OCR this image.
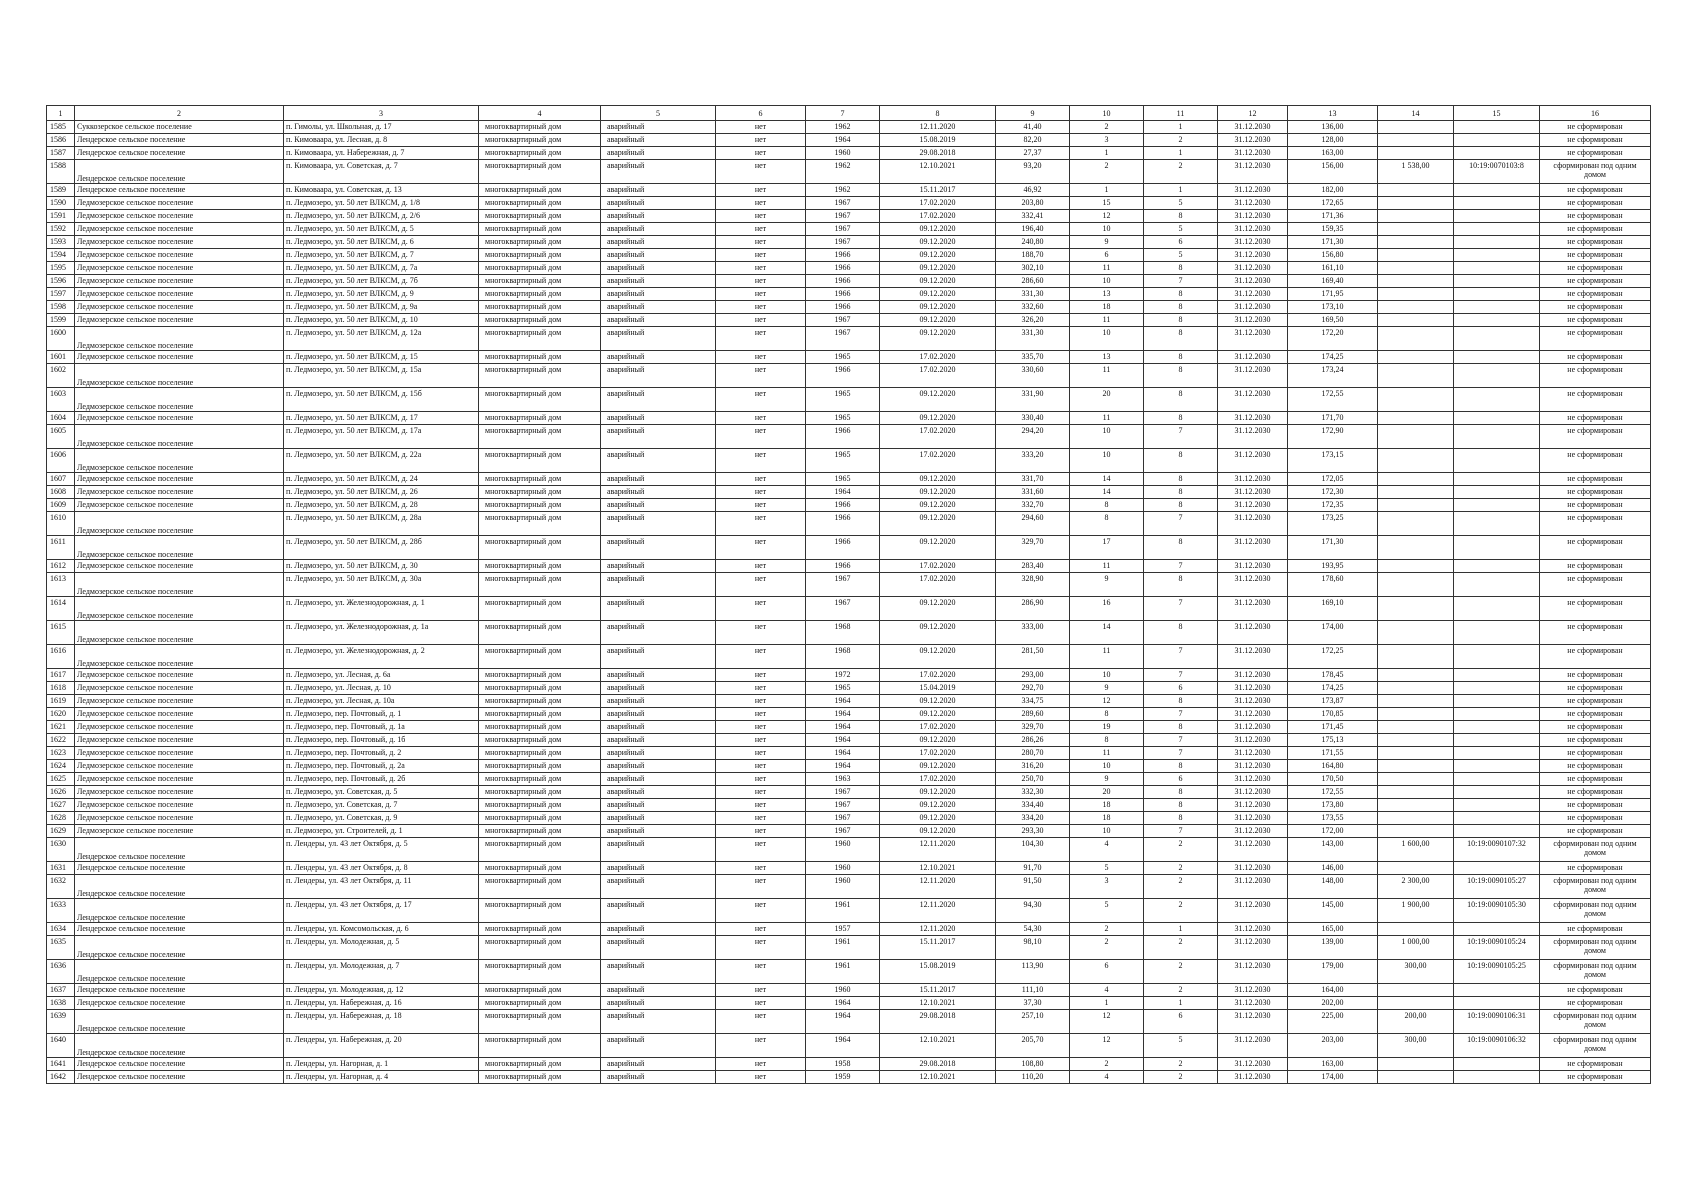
1	2	3	4	5	6	7	8	9	10	11	12	13	14	15	16
1585	Суккозерское сельское поселение	п. Гимолы, ул. Школьная, д. 17	многоквартирный дом	аварийный	нет	1962	12.11.2020	41,40	2	1	31.12.2030	136,00			не сформирован
1586	Лендерское сельское поселение	п. Кимоваара, ул. Лесная, д. 8	многоквартирный дом	аварийный	нет	1964	15.08.2019	82,20	3	2	31.12.2030	128,00			не сформирован
1587	Лендерское сельское поселение	п. Кимоваара, ул. Набережная, д. 7	многоквартирный дом	аварийный	нет	1960	29.08.2018	27,37	1	1	31.12.2030	163,00			не сформирован
1588	Лендерское сельское поселение	п. Кимоваара, ул. Советская, д. 7	многоквартирный дом	аварийный	нет	1962	12.10.2021	93,20	2	2	31.12.2030	156,00	1 538,00	10:19:0070103:8	сформирован под одним домом
1589	Лендерское сельское поселение	п. Кимоваара, ул. Советская, д. 13	многоквартирный дом	аварийный	нет	1962	15.11.2017	46,92	1	1	31.12.2030	182,00			не сформирован
1590	Ледмозерское сельское поселение	п. Ледмозеро, ул. 50 лет ВЛКСМ, д. 1/8	многоквартирный дом	аварийный	нет	1967	17.02.2020	203,80	15	5	31.12.2030	172,65			не сформирован
1591	Ледмозерское сельское поселение	п. Ледмозеро, ул. 50 лет ВЛКСМ, д. 2/6	многоквартирный дом	аварийный	нет	1967	17.02.2020	332,41	12	8	31.12.2030	171,36			не сформирован
1592	Ледмозерское сельское поселение	п. Ледмозеро, ул. 50 лет ВЛКСМ, д. 5	многоквартирный дом	аварийный	нет	1967	09.12.2020	196,40	10	5	31.12.2030	159,35			не сформирован
1593	Ледмозерское сельское поселение	п. Ледмозеро, ул. 50 лет ВЛКСМ, д. 6	многоквартирный дом	аварийный	нет	1967	09.12.2020	240,80	9	6	31.12.2030	171,30			не сформирован
1594	Ледмозерское сельское поселение	п. Ледмозеро, ул. 50 лет ВЛКСМ, д. 7	многоквартирный дом	аварийный	нет	1966	09.12.2020	188,70	6	5	31.12.2030	156,80			не сформирован
1595	Ледмозерское сельское поселение	п. Ледмозеро, ул. 50 лет ВЛКСМ, д. 7а	многоквартирный дом	аварийный	нет	1966	09.12.2020	302,10	11	8	31.12.2030	161,10			не сформирован
1596	Ледмозерское сельское поселение	п. Ледмозеро, ул. 50 лет ВЛКСМ, д. 7б	многоквартирный дом	аварийный	нет	1966	09.12.2020	286,60	10	7	31.12.2030	169,40			не сформирован
1597	Ледмозерское сельское поселение	п. Ледмозеро, ул. 50 лет ВЛКСМ, д. 9	многоквартирный дом	аварийный	нет	1966	09.12.2020	331,30	13	8	31.12.2030	171,95			не сформирован
1598	Ледмозерское сельское поселение	п. Ледмозеро, ул. 50 лет ВЛКСМ, д. 9а	многоквартирный дом	аварийный	нет	1966	09.12.2020	332,60	18	8	31.12.2030	173,10			не сформирован
1599	Ледмозерское сельское поселение	п. Ледмозеро, ул. 50 лет ВЛКСМ, д. 10	многоквартирный дом	аварийный	нет	1967	09.12.2020	326,20	11	8	31.12.2030	169,50			не сформирован
1600	Ледмозерское сельское поселение	п. Ледмозеро, ул. 50 лет ВЛКСМ, д. 12а	многоквартирный дом	аварийный	нет	1967	09.12.2020	331,30	10	8	31.12.2030	172,20			не сформирован
1601	Ледмозерское сельское поселение	п. Ледмозеро, ул. 50 лет ВЛКСМ, д. 15	многоквартирный дом	аварийный	нет	1965	17.02.2020	335,70	13	8	31.12.2030	174,25			не сформирован
1602	Ледмозерское сельское поселение	п. Ледмозеро, ул. 50 лет ВЛКСМ, д. 15а	многоквартирный дом	аварийный	нет	1966	17.02.2020	330,60	11	8	31.12.2030	173,24			не сформирован
1603	Ледмозерское сельское поселение	п. Ледмозеро, ул. 50 лет ВЛКСМ, д. 15б	многоквартирный дом	аварийный	нет	1965	09.12.2020	331,90	20	8	31.12.2030	172,55			не сформирован
1604	Ледмозерское сельское поселение	п. Ледмозеро, ул. 50 лет ВЛКСМ, д. 17	многоквартирный дом	аварийный	нет	1965	09.12.2020	330,40	11	8	31.12.2030	171,70			не сформирован
1605	Ледмозерское сельское поселение	п. Ледмозеро, ул. 50 лет ВЛКСМ, д. 17а	многоквартирный дом	аварийный	нет	1966	17.02.2020	294,20	10	7	31.12.2030	172,90			не сформирован
1606	Ледмозерское сельское поселение	п. Ледмозеро, ул. 50 лет ВЛКСМ, д. 22а	многоквартирный дом	аварийный	нет	1965	17.02.2020	333,20	10	8	31.12.2030	173,15			не сформирован
1607	Ледмозерское сельское поселение	п. Ледмозеро, ул. 50 лет ВЛКСМ, д. 24	многоквартирный дом	аварийный	нет	1965	09.12.2020	331,70	14	8	31.12.2030	172,05			не сформирован
1608	Ледмозерское сельское поселение	п. Ледмозеро, ул. 50 лет ВЛКСМ, д. 26	многоквартирный дом	аварийный	нет	1964	09.12.2020	331,60	14	8	31.12.2030	172,30			не сформирован
1609	Ледмозерское сельское поселение	п. Ледмозеро, ул. 50 лет ВЛКСМ, д. 28	многоквартирный дом	аварийный	нет	1966	09.12.2020	332,70	8	8	31.12.2030	172,35			не сформирован
1610	Ледмозерское сельское поселение	п. Ледмозеро, ул. 50 лет ВЛКСМ, д. 28а	многоквартирный дом	аварийный	нет	1966	09.12.2020	294,60	8	7	31.12.2030	173,25			не сформирован
1611	Ледмозерское сельское поселение	п. Ледмозеро, ул. 50 лет ВЛКСМ, д. 28б	многоквартирный дом	аварийный	нет	1966	09.12.2020	329,70	17	8	31.12.2030	171,30			не сформирован
1612	Ледмозерское сельское поселение	п. Ледмозеро, ул. 50 лет ВЛКСМ, д. 30	многоквартирный дом	аварийный	нет	1966	17.02.2020	283,40	11	7	31.12.2030	193,95			не сформирован
1613	Ледмозерское сельское поселение	п. Ледмозеро, ул. 50 лет ВЛКСМ, д. 30а	многоквартирный дом	аварийный	нет	1967	17.02.2020	328,90	9	8	31.12.2030	178,60			не сформирован
1614	Ледмозерское сельское поселение	п. Ледмозеро, ул. Железнодорожная, д. 1	многоквартирный дом	аварийный	нет	1967	09.12.2020	286,90	16	7	31.12.2030	169,10			не сформирован
1615	Ледмозерское сельское поселение	п. Ледмозеро, ул. Железнодорожная, д. 1а	многоквартирный дом	аварийный	нет	1968	09.12.2020	333,00	14	8	31.12.2030	174,00			не сформирован
1616	Ледмозерское сельское поселение	п. Ледмозеро, ул. Железнодорожная, д. 2	многоквартирный дом	аварийный	нет	1968	09.12.2020	281,50	11	7	31.12.2030	172,25			не сформирован
1617	Ледмозерское сельское поселение	п. Ледмозеро, ул. Лесная, д. 6а	многоквартирный дом	аварийный	нет	1972	17.02.2020	293,00	10	7	31.12.2030	178,45			не сформирован
1618	Ледмозерское сельское поселение	п. Ледмозеро, ул. Лесная, д. 10	многоквартирный дом	аварийный	нет	1965	15.04.2019	292,70	9	6	31.12.2030	174,25			не сформирован
1619	Ледмозерское сельское поселение	п. Ледмозеро, ул. Лесная, д. 10а	многоквартирный дом	аварийный	нет	1964	09.12.2020	334,75	12	8	31.12.2030	173,87			не сформирован
1620	Ледмозерское сельское поселение	п. Ледмозеро, пер. Почтовый, д. 1	многоквартирный дом	аварийный	нет	1964	09.12.2020	289,60	8	7	31.12.2030	170,85			не сформирован
1621	Ледмозерское сельское поселение	п. Ледмозеро, пер. Почтовый, д. 1а	многоквартирный дом	аварийный	нет	1964	17.02.2020	329,70	19	8	31.12.2030	171,45			не сформирован
1622	Ледмозерское сельское поселение	п. Ледмозеро, пер. Почтовый, д. 1б	многоквартирный дом	аварийный	нет	1964	09.12.2020	286,26	8	7	31.12.2030	175,13			не сформирован
1623	Ледмозерское сельское поселение	п. Ледмозеро, пер. Почтовый, д. 2	многоквартирный дом	аварийный	нет	1964	17.02.2020	280,70	11	7	31.12.2030	171,55			не сформирован
1624	Ледмозерское сельское поселение	п. Ледмозеро, пер. Почтовый, д. 2а	многоквартирный дом	аварийный	нет	1964	09.12.2020	316,20	10	8	31.12.2030	164,80			не сформирован
1625	Ледмозерское сельское поселение	п. Ледмозеро, пер. Почтовый, д. 2б	многоквартирный дом	аварийный	нет	1963	17.02.2020	250,70	9	6	31.12.2030	170,50			не сформирован
1626	Ледмозерское сельское поселение	п. Ледмозеро, ул. Советская, д. 5	многоквартирный дом	аварийный	нет	1967	09.12.2020	332,30	20	8	31.12.2030	172,55			не сформирован
1627	Ледмозерское сельское поселение	п. Ледмозеро, ул. Советская, д. 7	многоквартирный дом	аварийный	нет	1967	09.12.2020	334,40	18	8	31.12.2030	173,80			не сформирован
1628	Ледмозерское сельское поселение	п. Ледмозеро, ул. Советская, д. 9	многоквартирный дом	аварийный	нет	1967	09.12.2020	334,20	18	8	31.12.2030	173,55			не сформирован
1629	Ледмозерское сельское поселение	п. Ледмозеро, ул. Строителей, д. 1	многоквартирный дом	аварийный	нет	1967	09.12.2020	293,30	10	7	31.12.2030	172,00			не сформирован
1630	Лендерское сельское поселение	п. Лендеры, ул. 43 лет Октября, д. 5	многоквартирный дом	аварийный	нет	1960	12.11.2020	104,30	4	2	31.12.2030	143,00	1 600,00	10:19:0090107:32	сформирован под одним домом
1631	Лендерское сельское поселение	п. Лендеры, ул. 43 лет Октября, д. 8	многоквартирный дом	аварийный	нет	1960	12.10.2021	91,70	5	2	31.12.2030	146,00			не сформирован
1632	Лендерское сельское поселение	п. Лендеры, ул. 43 лет Октября, д. 11	многоквартирный дом	аварийный	нет	1960	12.11.2020	91,50	3	2	31.12.2030	148,00	2 300,00	10:19:0090105:27	сформирован под одним домом
1633	Лендерское сельское поселение	п. Лендеры, ул. 43 лет Октября, д. 17	многоквартирный дом	аварийный	нет	1961	12.11.2020	94,30	5	2	31.12.2030	145,00	1 900,00	10:19:0090105:30	сформирован под одним домом
1634	Лендерское сельское поселение	п. Лендеры, ул. Комсомольская, д. 6	многоквартирный дом	аварийный	нет	1957	12.11.2020	54,30	2	1	31.12.2030	165,00			не сформирован
1635	Лендерское сельское поселение	п. Лендеры, ул. Молодежная, д. 5	многоквартирный дом	аварийный	нет	1961	15.11.2017	98,10	2	2	31.12.2030	139,00	1 000,00	10:19:0090105:24	сформирован под одним домом
1636	Лендерское сельское поселение	п. Лендеры, ул. Молодежная, д. 7	многоквартирный дом	аварийный	нет	1961	15.08.2019	113,90	6	2	31.12.2030	179,00	300,00	10:19:0090105:25	сформирован под одним домом
1637	Лендерское сельское поселение	п. Лендеры, ул. Молодежная, д. 12	многоквартирный дом	аварийный	нет	1960	15.11.2017	111,10	4	2	31.12.2030	164,00			не сформирован
1638	Лендерское сельское поселение	п. Лендеры, ул. Набережная, д. 16	многоквартирный дом	аварийный	нет	1964	12.10.2021	37,30	1	1	31.12.2030	202,00			не сформирован
1639	Лендерское сельское поселение	п. Лендеры, ул. Набережная, д. 18	многоквартирный дом	аварийный	нет	1964	29.08.2018	257,10	12	6	31.12.2030	225,00	200,00	10:19:0090106:31	сформирован под одним домом
1640	Лендерское сельское поселение	п. Лендеры, ул. Набережная, д. 20	многоквартирный дом	аварийный	нет	1964	12.10.2021	205,70	12	5	31.12.2030	203,00	300,00	10:19:0090106:32	сформирован под одним домом
1641	Лендерское сельское поселение	п. Лендеры, ул. Нагорная, д. 1	многоквартирный дом	аварийный	нет	1958	29.08.2018	108,80	2	2	31.12.2030	163,00			не сформирован
1642	Лендерское сельское поселение	п. Лендеры, ул. Нагорная, д. 4	многоквартирный дом	аварийный	нет	1959	12.10.2021	110,20	4	2	31.12.2030	174,00			не сформирован
